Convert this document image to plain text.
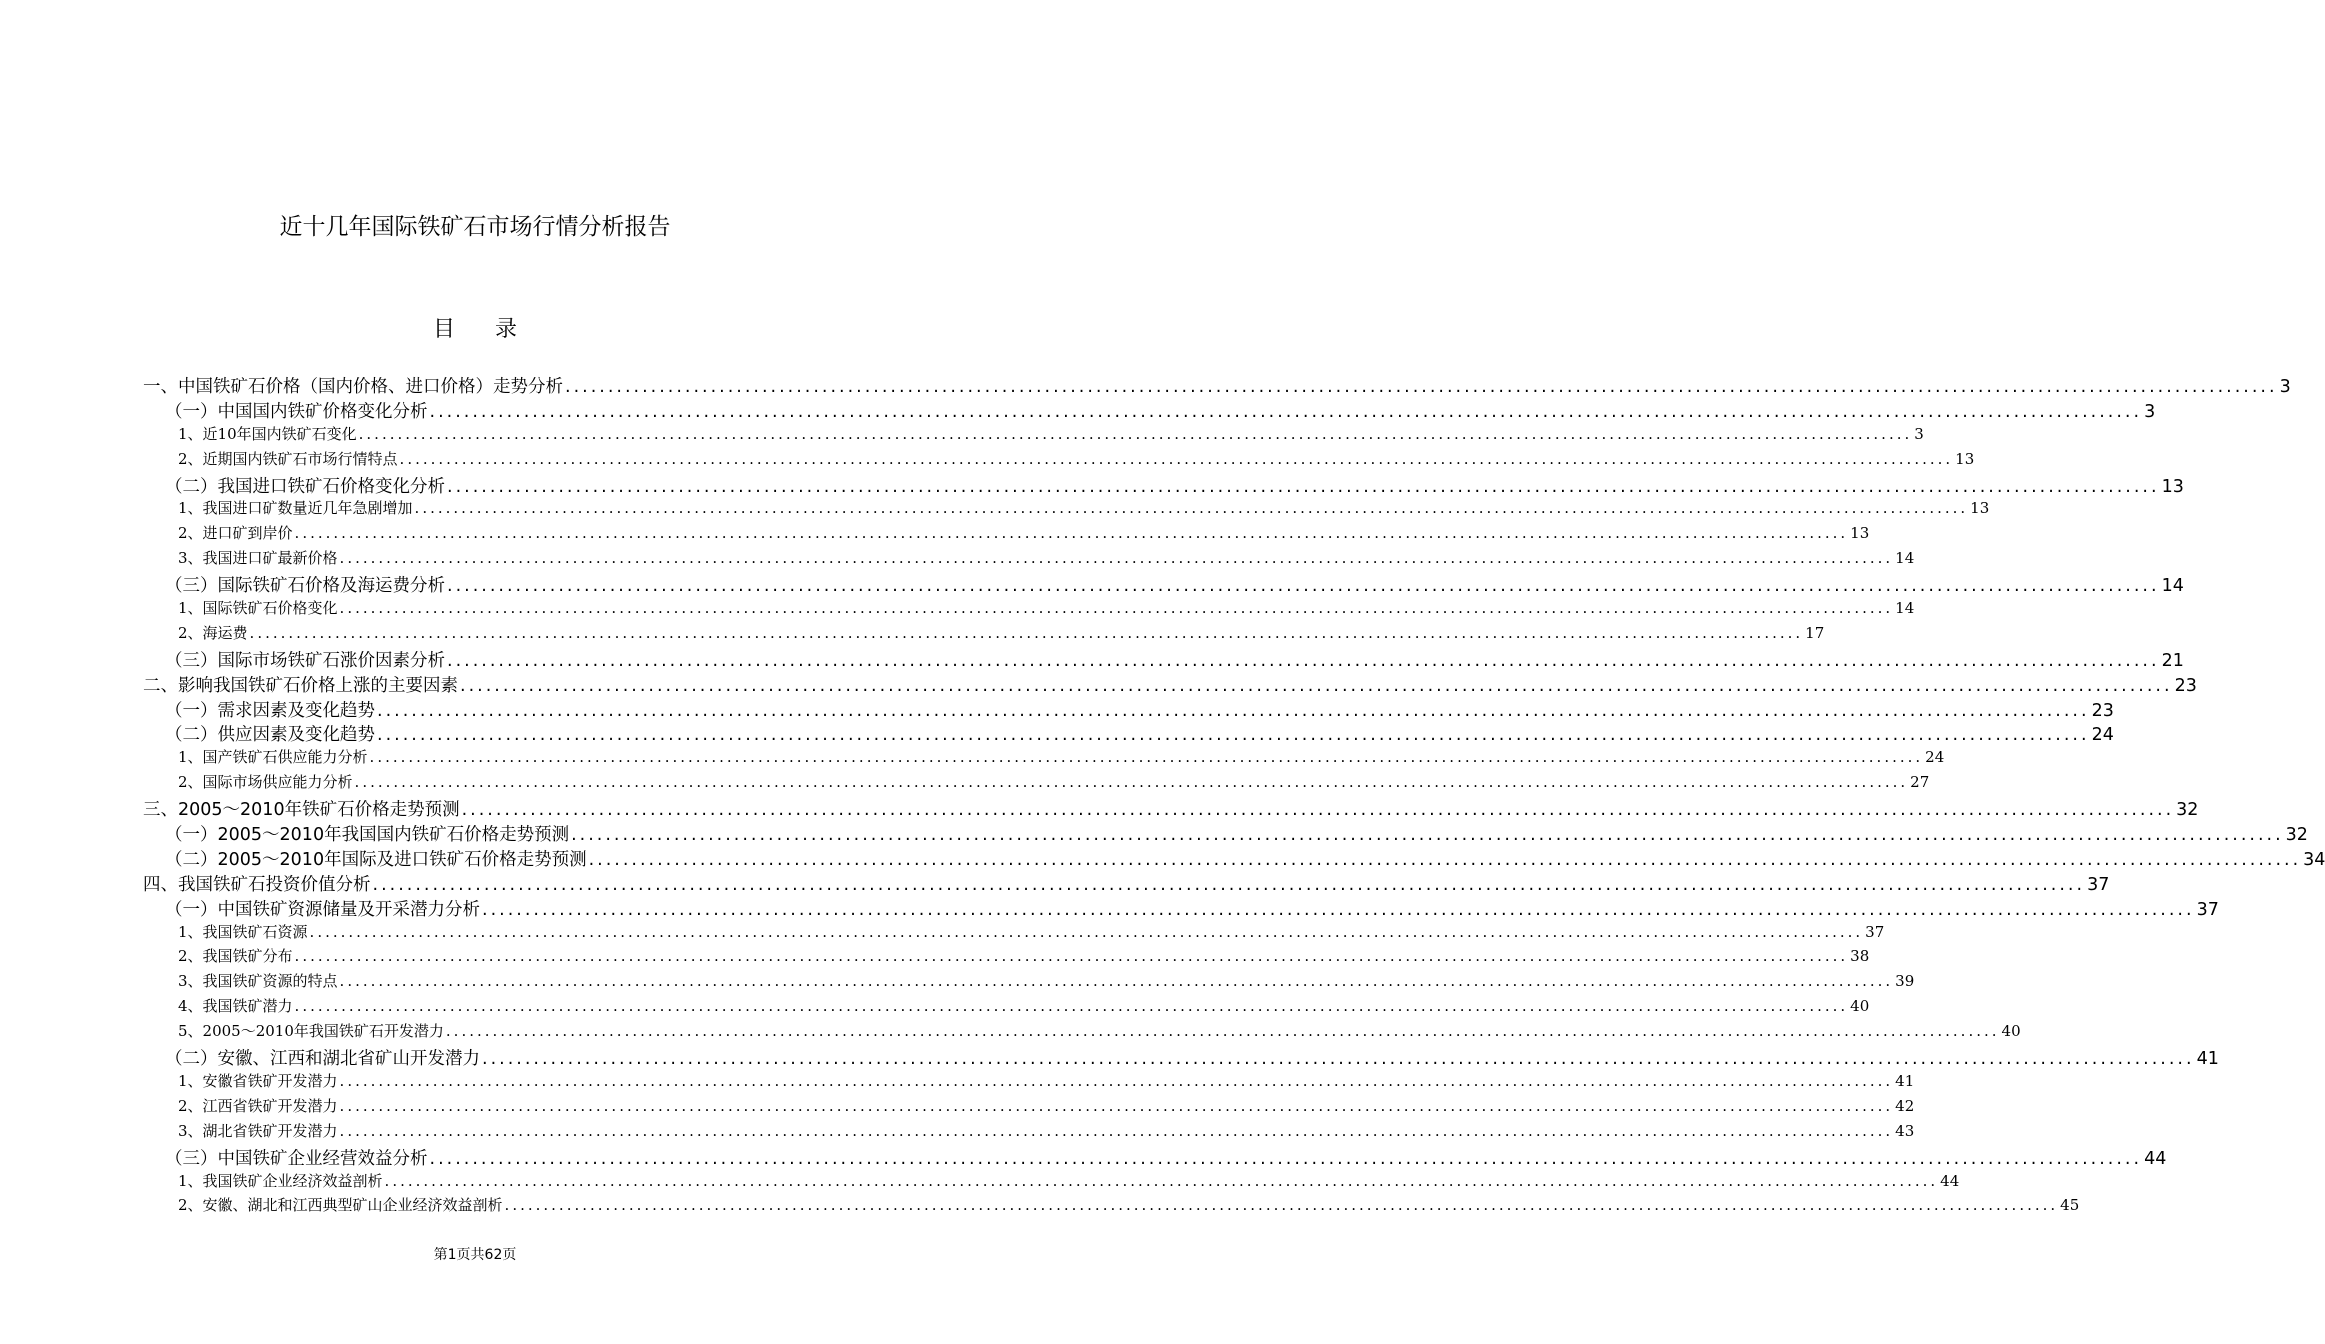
近十几年国际铁矿石市场行情分析报告
目 录
一、中国铁矿石价格（国内价格、进口价格）走势分析 ........................................................................................................................................................................................................ 3
（一）中国国内铁矿价格变化分析 ........................................................................................................................................................................................................ 3
1、近10年国内铁矿石变化 ........................................................................................................................................................................................................ 3
2、近期国内铁矿石市场行情特点 ........................................................................................................................................................................................................ 13
（二）我国进口铁矿石价格变化分析 ........................................................................................................................................................................................................ 13
1、我国进口矿数量近几年急剧增加 ........................................................................................................................................................................................................ 13
2、进口矿到岸价 ........................................................................................................................................................................................................ 13
3、我国进口矿最新价格 ........................................................................................................................................................................................................ 14
（三）国际铁矿石价格及海运费分析 ........................................................................................................................................................................................................ 14
1、国际铁矿石价格变化 ........................................................................................................................................................................................................ 14
2、海运费 ........................................................................................................................................................................................................ 17
（三）国际市场铁矿石涨价因素分析 ........................................................................................................................................................................................................ 21
二、影响我国铁矿石价格上涨的主要因素 ........................................................................................................................................................................................................ 23
（一）需求因素及变化趋势 ........................................................................................................................................................................................................ 23
（二）供应因素及变化趋势 ........................................................................................................................................................................................................ 24
1、国产铁矿石供应能力分析 ........................................................................................................................................................................................................ 24
2、国际市场供应能力分析 ........................................................................................................................................................................................................ 27
三、2005～2010年铁矿石价格走势预测 ........................................................................................................................................................................................................ 32
（一）2005～2010年我国国内铁矿石价格走势预测 ........................................................................................................................................................................................................ 32
（二）2005～2010年国际及进口铁矿石价格走势预测 ........................................................................................................................................................................................................ 34
四、我国铁矿石投资价值分析 ........................................................................................................................................................................................................ 37
（一）中国铁矿资源储量及开采潜力分析 ........................................................................................................................................................................................................ 37
1、我国铁矿石资源 ........................................................................................................................................................................................................ 37
2、我国铁矿分布 ........................................................................................................................................................................................................ 38
3、我国铁矿资源的特点 ........................................................................................................................................................................................................ 39
4、我国铁矿潜力 ........................................................................................................................................................................................................ 40
5、2005～2010年我国铁矿石开发潜力 ........................................................................................................................................................................................................ 40
（二）安徽、江西和湖北省矿山开发潜力 ........................................................................................................................................................................................................ 41
1、安徽省铁矿开发潜力 ........................................................................................................................................................................................................ 41
2、江西省铁矿开发潜力 ........................................................................................................................................................................................................ 42
3、湖北省铁矿开发潜力 ........................................................................................................................................................................................................ 43
（三）中国铁矿企业经营效益分析 ........................................................................................................................................................................................................ 44
1、我国铁矿企业经济效益剖析 ........................................................................................................................................................................................................ 44
2、安徽、湖北和江西典型矿山企业经济效益剖析 ........................................................................................................................................................................................................ 45
第1页共62页
